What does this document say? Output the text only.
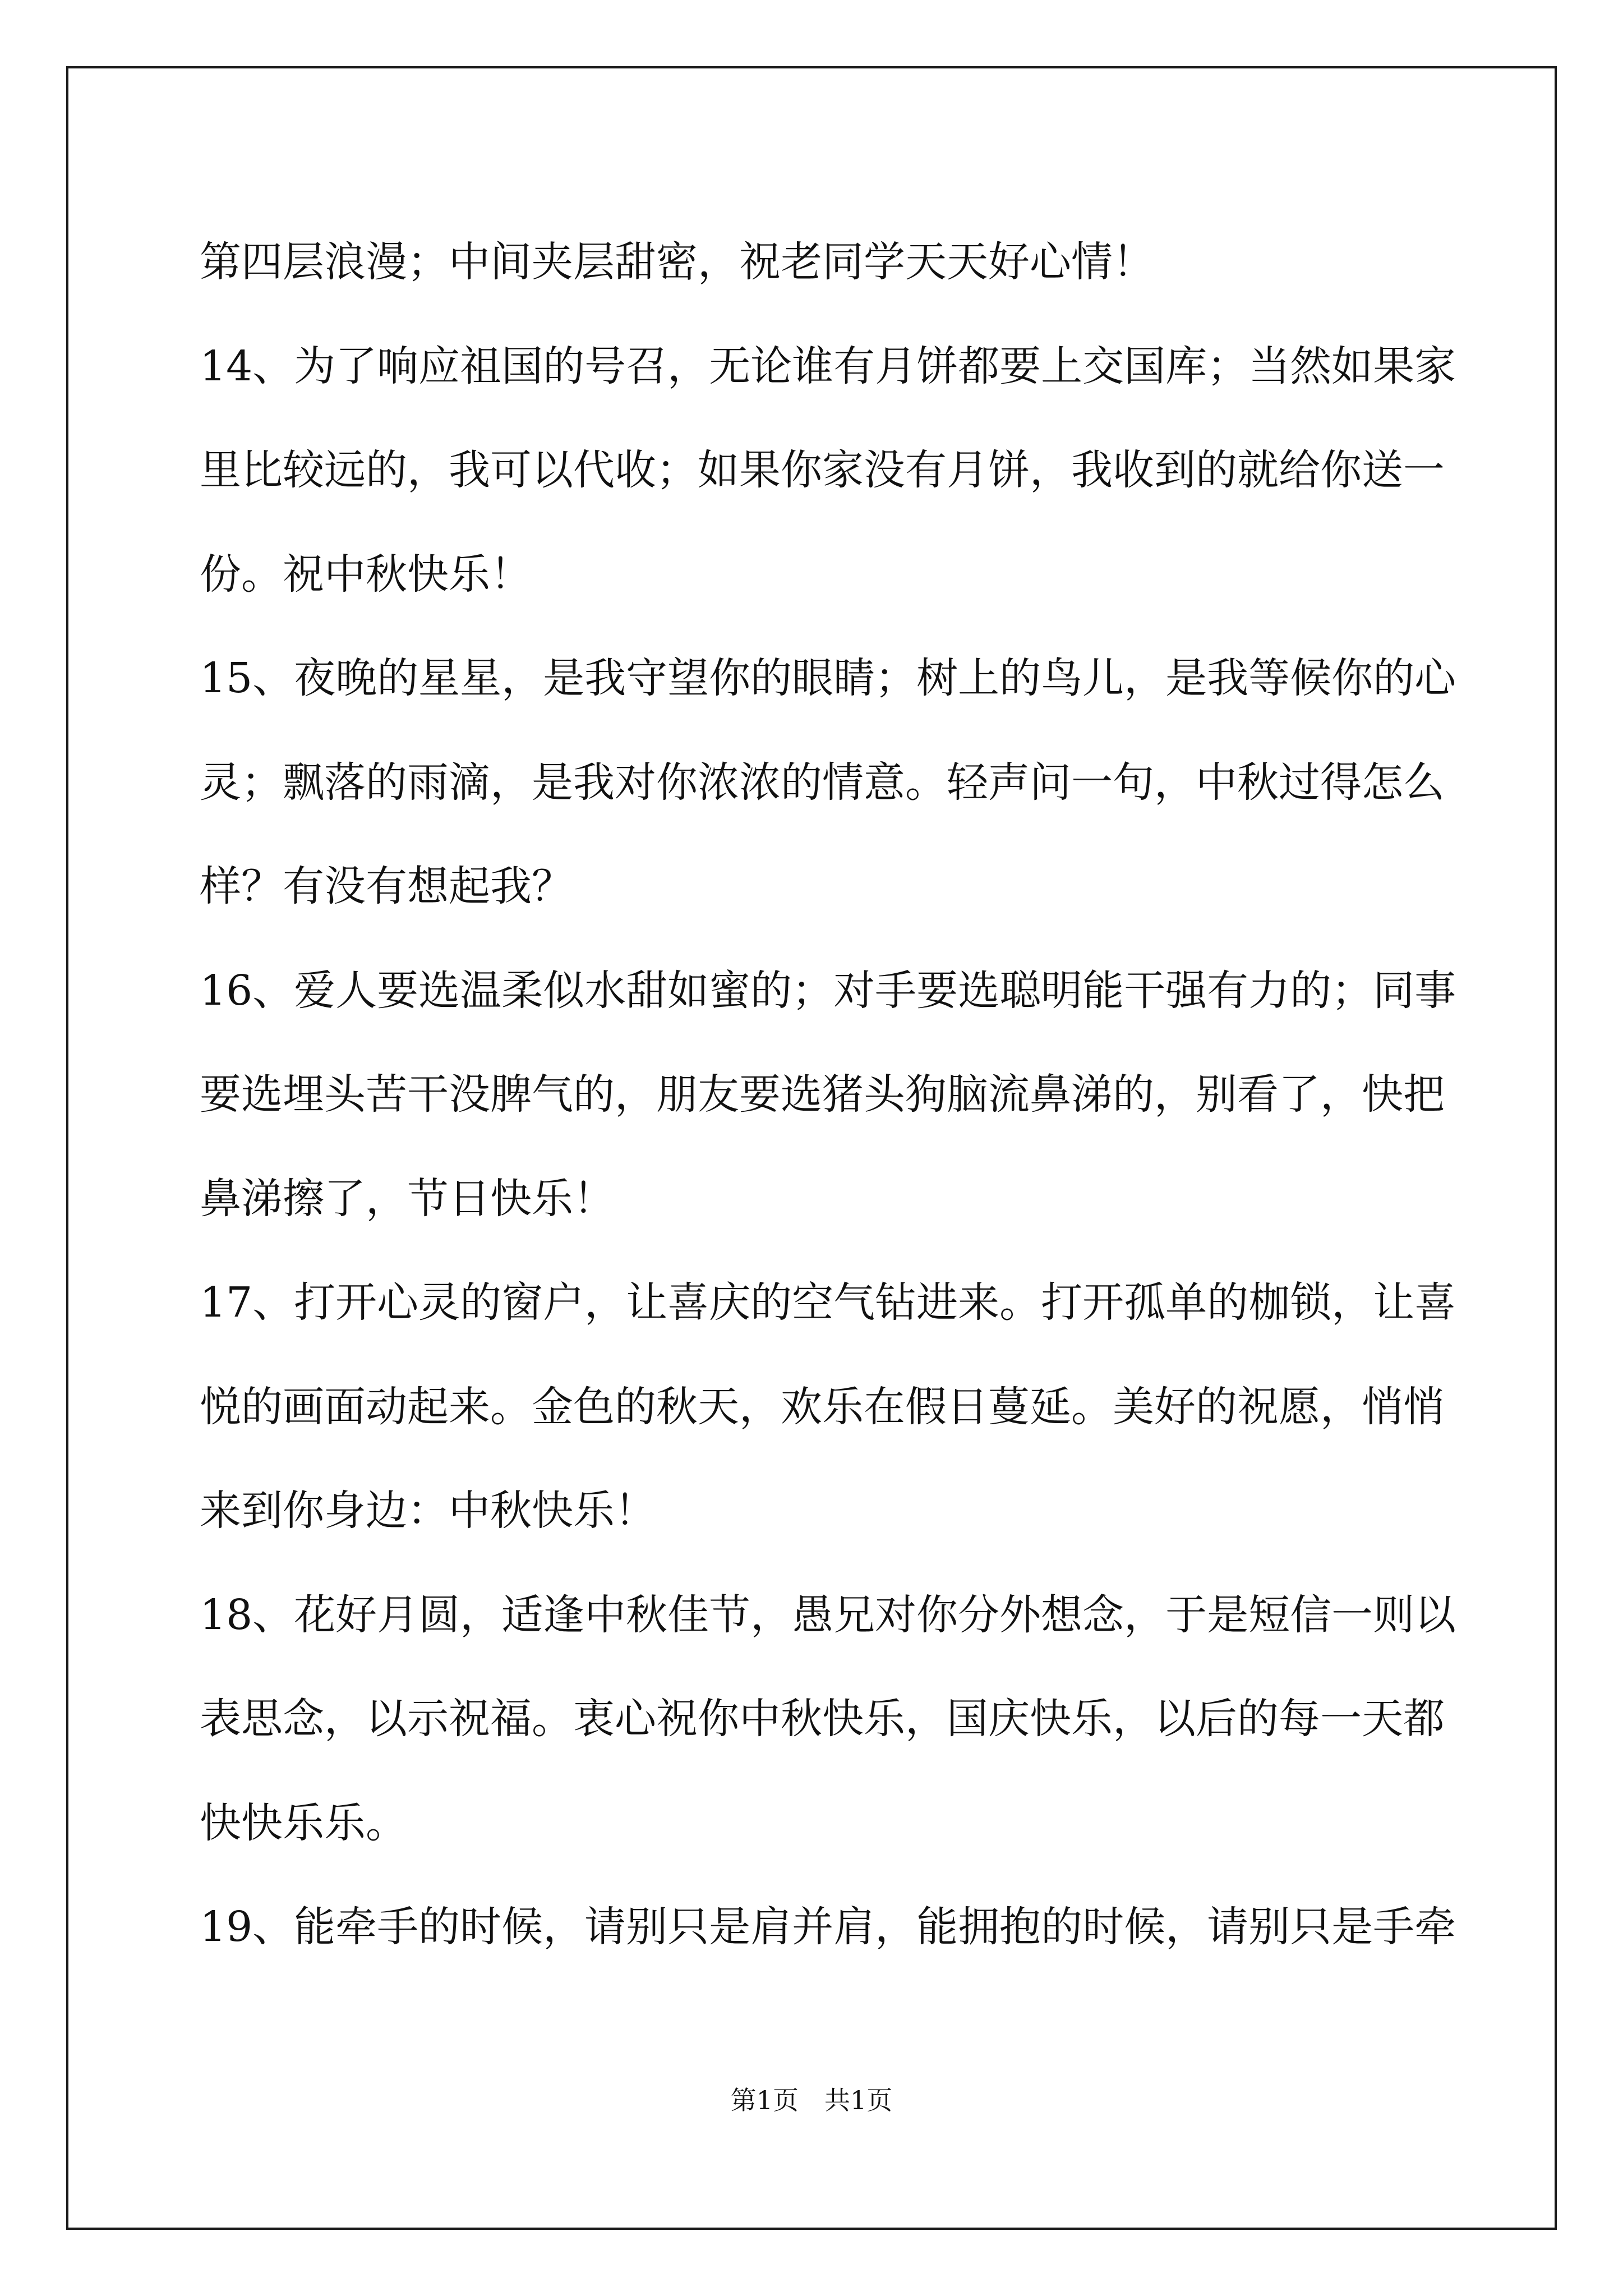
第四层浪漫；中间夹层甜密，祝老同学天天好心情！
14、为了响应祖国的号召，无论谁有月饼都要上交国库；当然如果家
里比较远的，我可以代收；如果你家没有月饼，我收到的就给你送一
份。祝中秋快乐！
15、夜晚的星星，是我守望你的眼睛；树上的鸟儿，是我等候你的心
灵；飘落的雨滴，是我对你浓浓的情意。轻声问一句，中秋过得怎么
样？有没有想起我？
16、爱人要选温柔似水甜如蜜的；对手要选聪明能干强有力的；同事
要选埋头苦干没脾气的，朋友要选猪头狗脑流鼻涕的，别看了，快把
鼻涕擦了，节日快乐！
17、打开心灵的窗户，让喜庆的空气钻进来。打开孤单的枷锁，让喜
悦的画面动起来。金色的秋天，欢乐在假日蔓延。美好的祝愿，悄悄
来到你身边：中秋快乐！
18、花好月圆，适逢中秋佳节，愚兄对你分外想念，于是短信一则以
表思念，以示祝福。衷心祝你中秋快乐，国庆快乐，以后的每一天都
快快乐乐。
19、能牵手的时候，请别只是肩并肩，能拥抱的时候，请别只是手牵
第1页 共1页
